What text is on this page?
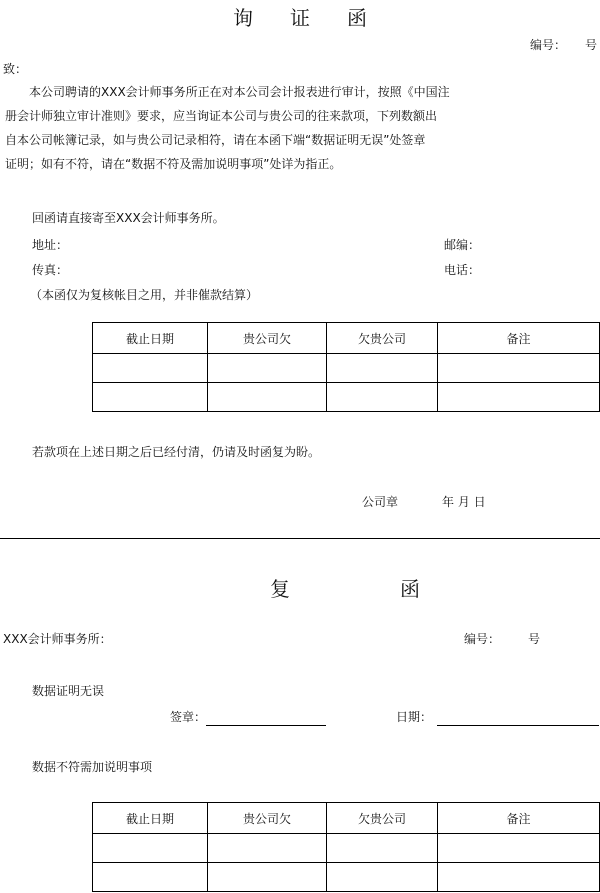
询 证 函
编号： 号
致：

本公司聘请的XXX会计师事务所正在对本公司会计报表进行审计，按照《中国注

册会计师独立审计准则》要求，应当询证本公司与贵公司的往来款项，下列数额出

自本公司帐簿记录，如与贵公司记录相符，请在本函下端“数据证明无误”处签章

证明；如有不符，请在“数据不符及需加说明事项”处详为指正。

回函请直接寄至XXX会计师事务所。
地址：	邮编：
传真：	电话：
（本函仅为复核帐目之用，并非催款结算）
截止日期	贵公司欠	欠贵公司	备注

若款项在上述日期之后已经付清，仍请及时函复为盼。
公司章	年 月 日
复	函
XXX会计师事务所：	编号： 号
数据证明无误
签章：	日期：
数据不符需加说明事项
截止日期	贵公司欠	欠贵公司	备注
